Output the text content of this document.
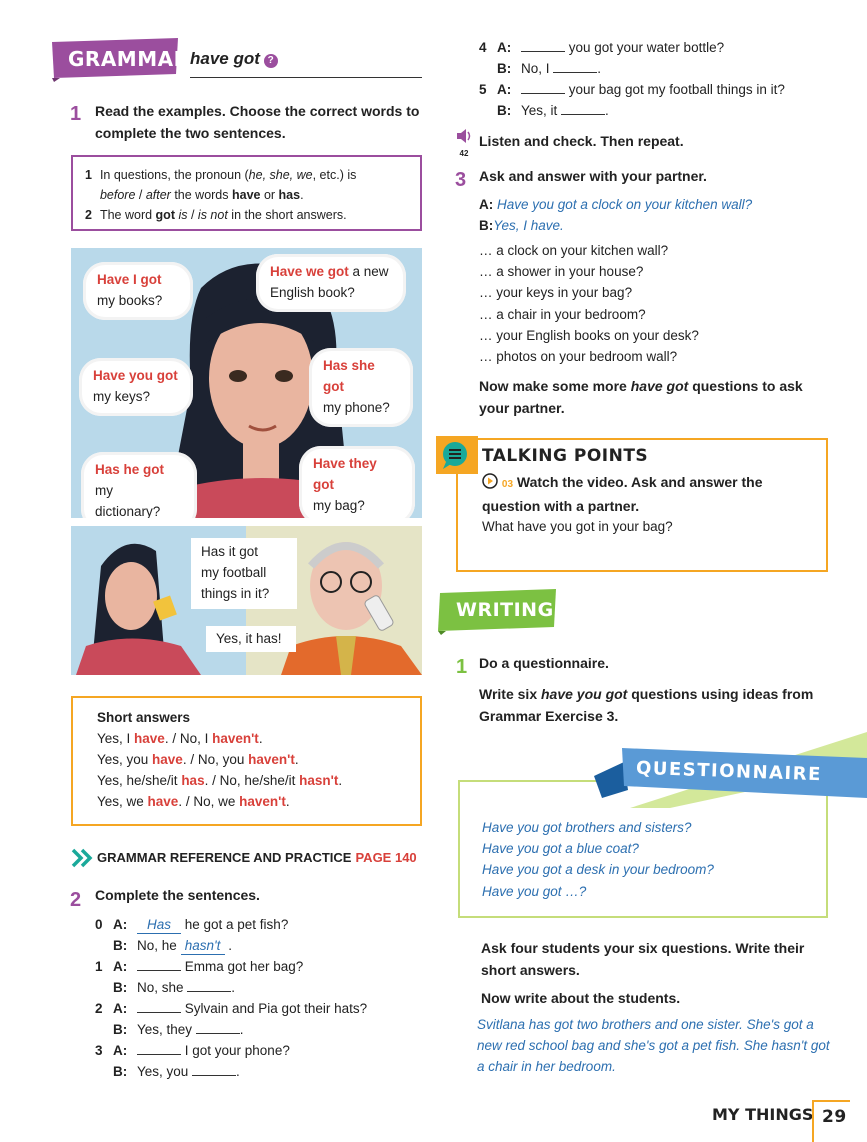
GRAMMAR have got ?
1 Read the examples. Choose the correct words to complete the two sentences.
1 In questions, the pronoun (he, she, we, etc.) is
before / after the words have or has.
2 The word got is / is not in the short answers.
Have I got
my books?
Have we got a new
English book?
Have you got
my keys?
Has she got
my phone?
Has he got my
dictionary?
Have they got
my bag?
Has it got
my football
things in it?
Yes, it has!
Short answers
Yes, I have. / No, I haven't.
Yes, you have. / No, you haven't.
Yes, he/she/it has. / No, he/she/it hasn't.
Yes, we have. / No, we haven't.
GRAMMAR REFERENCE AND PRACTICE PAGE 140
2 Complete the sentences.
0 A:	Has he got a pet fish?
B: No, he hasn't .
1 A:	Emma got her bag?
B: No, she	.
2 A:	Sylvain and Pia got their hats?
B: Yes, they	.
3 A:	I got your phone?
B: Yes, you	.
4 A:	you got your water bottle?
B: No, I	.
5 A:	your bag got my football things in it?
B: Yes, it	.
42
Listen and check. Then repeat.
3 Ask and answer with your partner.
A: Have you got a clock on your kitchen wall?
B:Yes, I have.
… a clock on your kitchen wall?
… a shower in your house?
… your keys in your bag?
… a chair in your bedroom?
… your English books on your desk?
… photos on your bedroom wall?
Now make some more have got questions to ask your partner.
TALKING POINTS
03 Watch the video. Ask and answer the question with a partner.
What have you got in your bag?
WRITING
1 Do a questionnaire.
Write six have you got questions using ideas from Grammar Exercise 3.
QUESTIONNAIRE
Have you got brothers and sisters?
Have you got a blue coat?
Have you got a desk in your bedroom?
Have you got …?
Ask four students your six questions. Write their short answers.
Now write about the students.
Svitlana has got two brothers and one sister. She's got a new red school bag and she's got a pet fish. She hasn't got a chair in her bedroom.
MY THINGS 29
